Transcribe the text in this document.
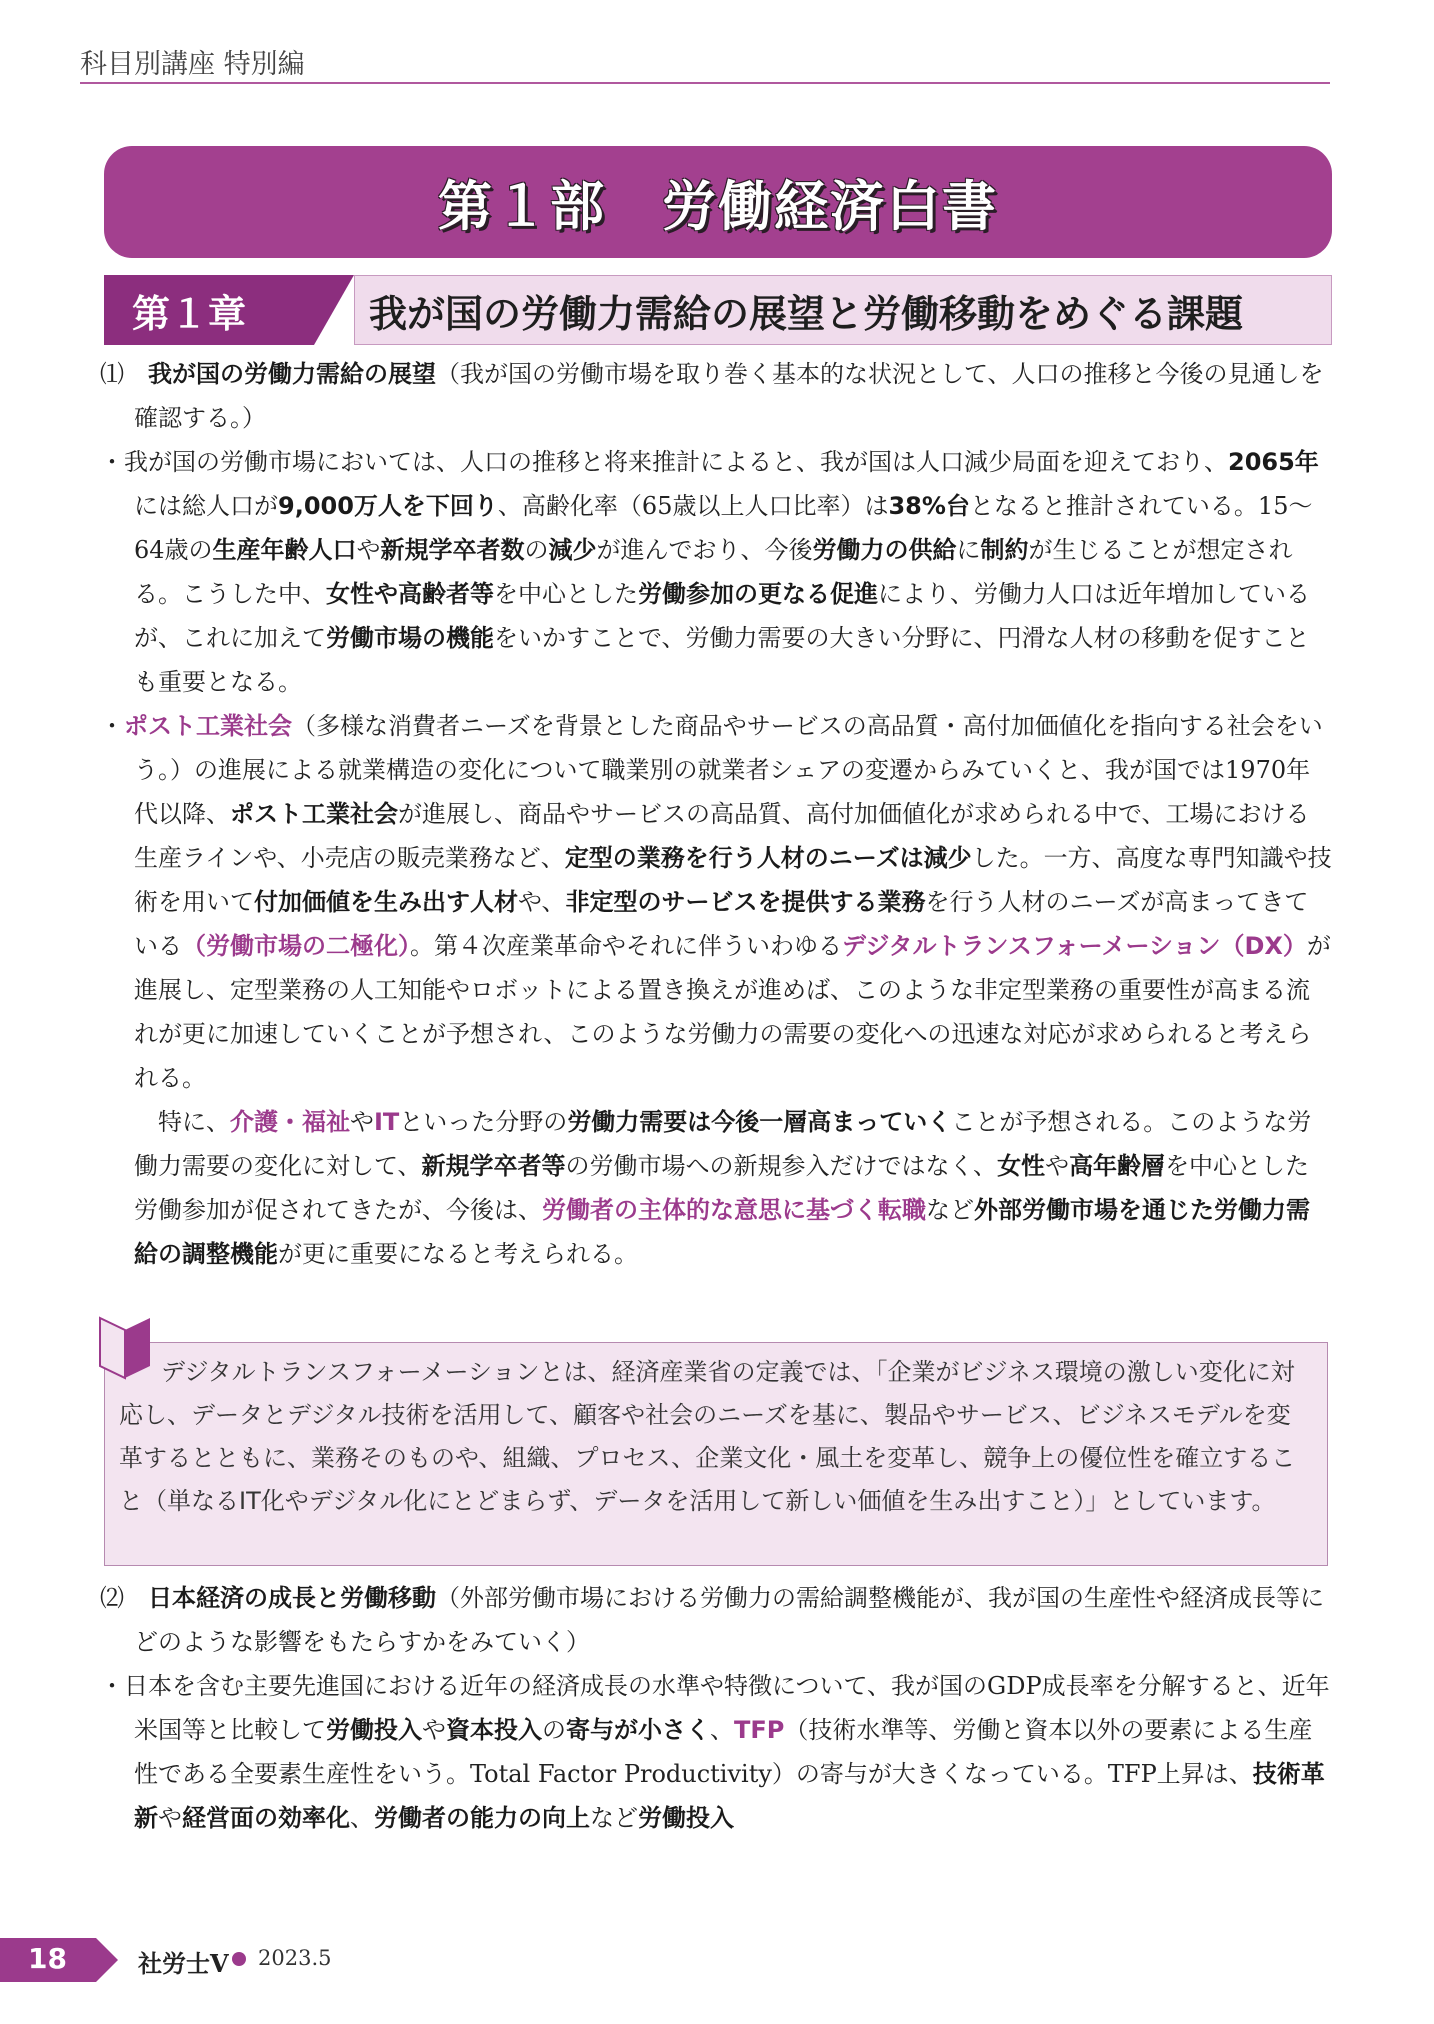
科目別講座 特別編
第１部　労働経済白書
第１章	我が国の労働力需給の展望と労働移動をめぐる課題

⑴　 我が国の労働力需給の展望（我が国の労働市場を取り巻く基本的な状況として、人口の推移と今後の見通しを確認する。）

・我が国の労働市場においては、人口の推移と将来推計によると、我が国は人口減少局面を迎えており、2065年には総人口が9,000万人を下回り、高齢化率（65歳以上人口比率）は38%台となると推計されている。15～64歳の生産年齢人口や新規学卒者数の減少が進んでおり、今後労働力の供給に制約が生じることが想定される。こうした中、女性や高齢者等を中心とした労働参加の更なる促進により、労働力人口は近年増加しているが、これに加えて労働市場の機能をいかすことで、労働力需要の大きい分野に、円滑な人材の移動を促すことも重要となる。

・ポスト工業社会（多様な消費者ニーズを背景とした商品やサービスの高品質・高付加価値化を指向する社会をいう。）の進展による就業構造の変化について職業別の就業者シェアの変遷からみていくと、我が国では1970年代以降、ポスト工業社会が進展し、商品やサービスの高品質、高付加価値化が求められる中で、工場における生産ラインや、小売店の販売業務など、定型の業務を行う人材のニーズは減少した。一方、高度な専門知識や技術を用いて付加価値を生み出す人材や、非定型のサービスを提供する業務を行う人材のニーズが高まってきている（労働市場の二極化）。第４次産業革命やそれに伴ういわゆるデジタルトランスフォーメーション（DX）が進展し、定型業務の人工知能やロボットによる置き換えが進めば、このような非定型業務の重要性が高まる流れが更に加速していくことが予想され、このような労働力の需要の変化への迅速な対応が求められると考えられる。

特に、介護・福祉やITといった分野の労働力需要は今後一層高まっていくことが予想される。このような労働力需要の変化に対して、新規学卒者等の労働市場への新規参入だけではなく、女性や高年齢層を中心とした労働参加が促されてきたが、今後は、労働者の主体的な意思に基づく転職など外部労働市場を通じた労働力需給の調整機能が更に重要になると考えられる。

デジタルトランスフォーメーションとは、経済産業省の定義では、「企業がビジネス環境の激しい変化に対応し、データとデジタル技術を活用して、顧客や社会のニーズを基に、製品やサービス、ビジネスモデルを変革するとともに、業務そのものや、組織、プロセス、企業文化・風土を変革し、競争上の優位性を確立すること（単なるIT化やデジタル化にとどまらず、データを活用して新しい価値を生み出すこと）」としています。

⑵　 日本経済の成長と労働移動（外部労働市場における労働力の需給調整機能が、我が国の生産性や経済成長等にどのような影響をもたらすかをみていく）

・日本を含む主要先進国における近年の経済成長の水準や特徴について、我が国のGDP成長率を分解すると、近年米国等と比較して労働投入や資本投入の寄与が小さく、TFP（技術水準等、労働と資本以外の要素による生産性である全要素生産性をいう。Total Factor Productivity）の寄与が大きくなっている。TFP上昇は、技術革新や経営面の効率化、労働者の能力の向上など労働投入

18	社労士V 2023.5
